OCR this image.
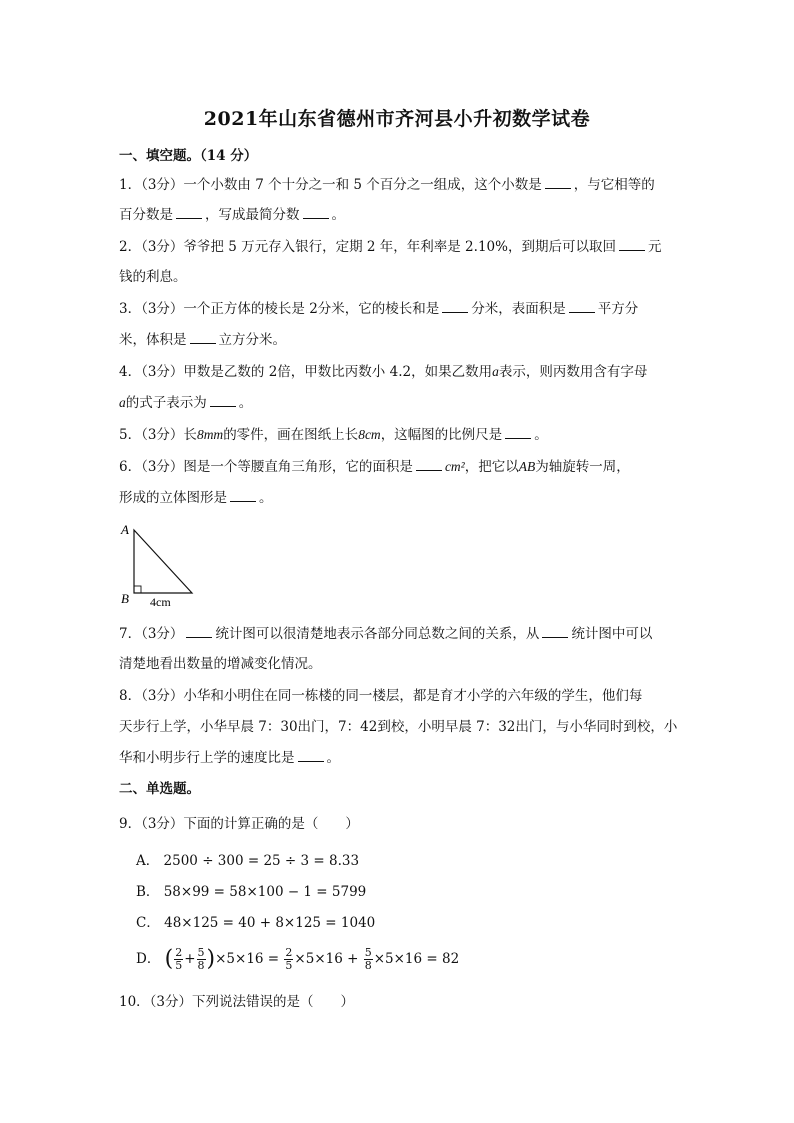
2021年山东省德州市齐河县小升初数学试卷
一、填空题。（14 分）
1．（3分）一个小数由 7 个十分之一和 5 个百分之一组成，这个小数是 ，与它相等的
百分数是 ，写成最简分数 。
2．（3分）爷爷把 5 万元存入银行，定期 2 年，年利率是 2.10%，到期后可以取回 元
钱的利息。
3．（3分）一个正方体的棱长是 2分米，它的棱长和是 分米，表面积是 平方分
米，体积是 立方分米。
4．（3分）甲数是乙数的 2倍，甲数比丙数小 4.2，如果乙数用a表示，则丙数用含有字母
a的式子表示为 。
5．（3分）长8mm的零件，画在图纸上长8cm，这幅图的比例尺是 。
6．（3分）图是一个等腰直角三角形，它的面积是 cm²，把它以AB为轴旋转一周，
形成的立体图形是 。
A
B 4cm
7．（3分） 统计图可以很清楚地表示各部分同总数之间的关系，从 统计图中可以
清楚地看出数量的增减变化情况。
8．（3分）小华和小明住在同一栋楼的同一楼层，都是育才小学的六年级的学生，他们每
天步行上学，小华早晨 7：30出门，7：42到校，小明早晨 7：32出门，与小华同时到校，小
华和小明步行上学的速度比是 。
二、单选题。
9．（3分）下面的计算正确的是（　　）
A． 2500 ÷ 300 = 25 ÷ 3 = 8.33
B． 58×99 = 58×100 − 1 = 5799
C． 48×125 = 40 + 8×125 = 1040
D． ( $\frac{2}{5} + \frac{5}{8} )\times 5\times 16 = \frac{2}{5} \times 5\times 16 + \frac{5}{8} \times 5\times 16 = 82$
10．（3分）下列说法错误的是（　　）
